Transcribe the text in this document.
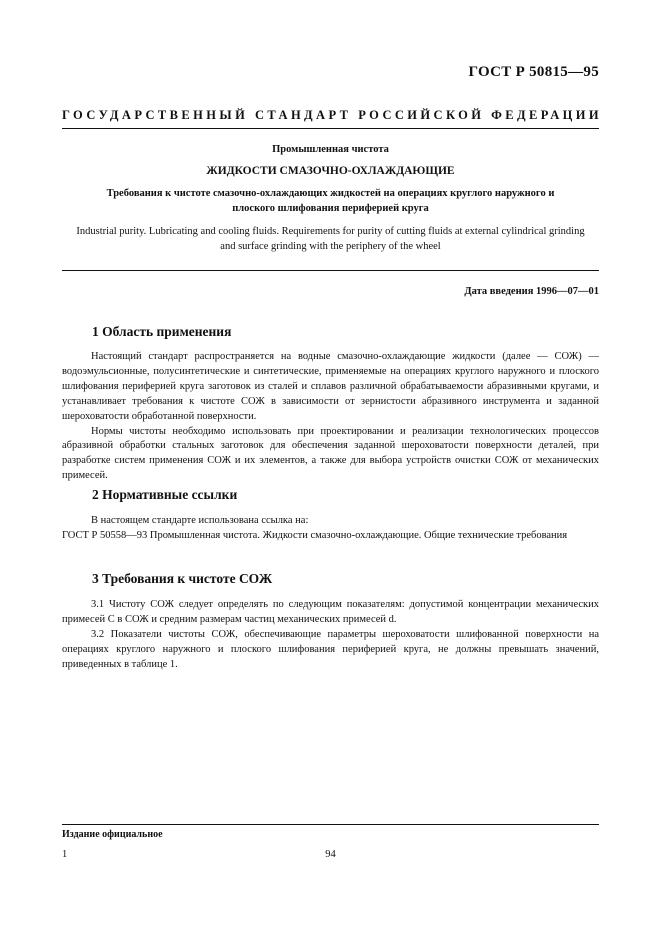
ГОСТ Р 50815—95
ГОСУДАРСТВЕННЫЙ СТАНДАРТ РОССИЙСКОЙ ФЕДЕРАЦИИ
Промышленная чистота
ЖИДКОСТИ СМАЗОЧНО-ОХЛАЖДАЮЩИЕ
Требования к чистоте смазочно-охлаждающих жидкостей на операциях круглого наружного и плоского шлифования периферией круга
Industrial purity. Lubricating and cooling fluids. Requirements for purity of cutting fluids at external cylindrical grinding and surface grinding with the periphery of the wheel
Дата введения 1996—07—01
1 Область применения

Настоящий стандарт распространяется на водные смазочно-охлаждающие жидкости (далее — СОЖ) — водоэмульсионные, полусинтетические и синтетические, применяемые на операциях круглого наружного и плоского шлифования периферией круга заготовок из сталей и сплавов различной обрабатываемости абразивными кругами, и устанавливает требования к чистоте СОЖ в зависимости от зернистости абразивного инструмента и заданной шероховатости обработанной поверхности.

Нормы чистоты необходимо использовать при проектировании и реализации технологических процессов абразивной обработки стальных заготовок для обеспечения заданной шероховатости поверхности деталей, при разработке систем применения СОЖ и их элементов, а также для выбора устройств очистки СОЖ от механических примесей.

2 Нормативные ссылки

В настоящем стандарте использована ссылка на:

ГОСТ Р 50558—93 Промышленная чистота. Жидкости смазочно-охлаждающие. Общие технические требования

3 Требования к чистоте СОЖ

3.1 Чистоту СОЖ следует определять по следующим показателям: допустимой концентрации механических примесей С в СОЖ и средним размерам частиц механических примесей d.

3.2 Показатели чистоты СОЖ, обеспечивающие параметры шероховатости шлифованной поверхности на операциях круглого наружного и плоского шлифования периферией круга, не должны превышать значений, приведенных в таблице 1.

Издание официальное
1	94
